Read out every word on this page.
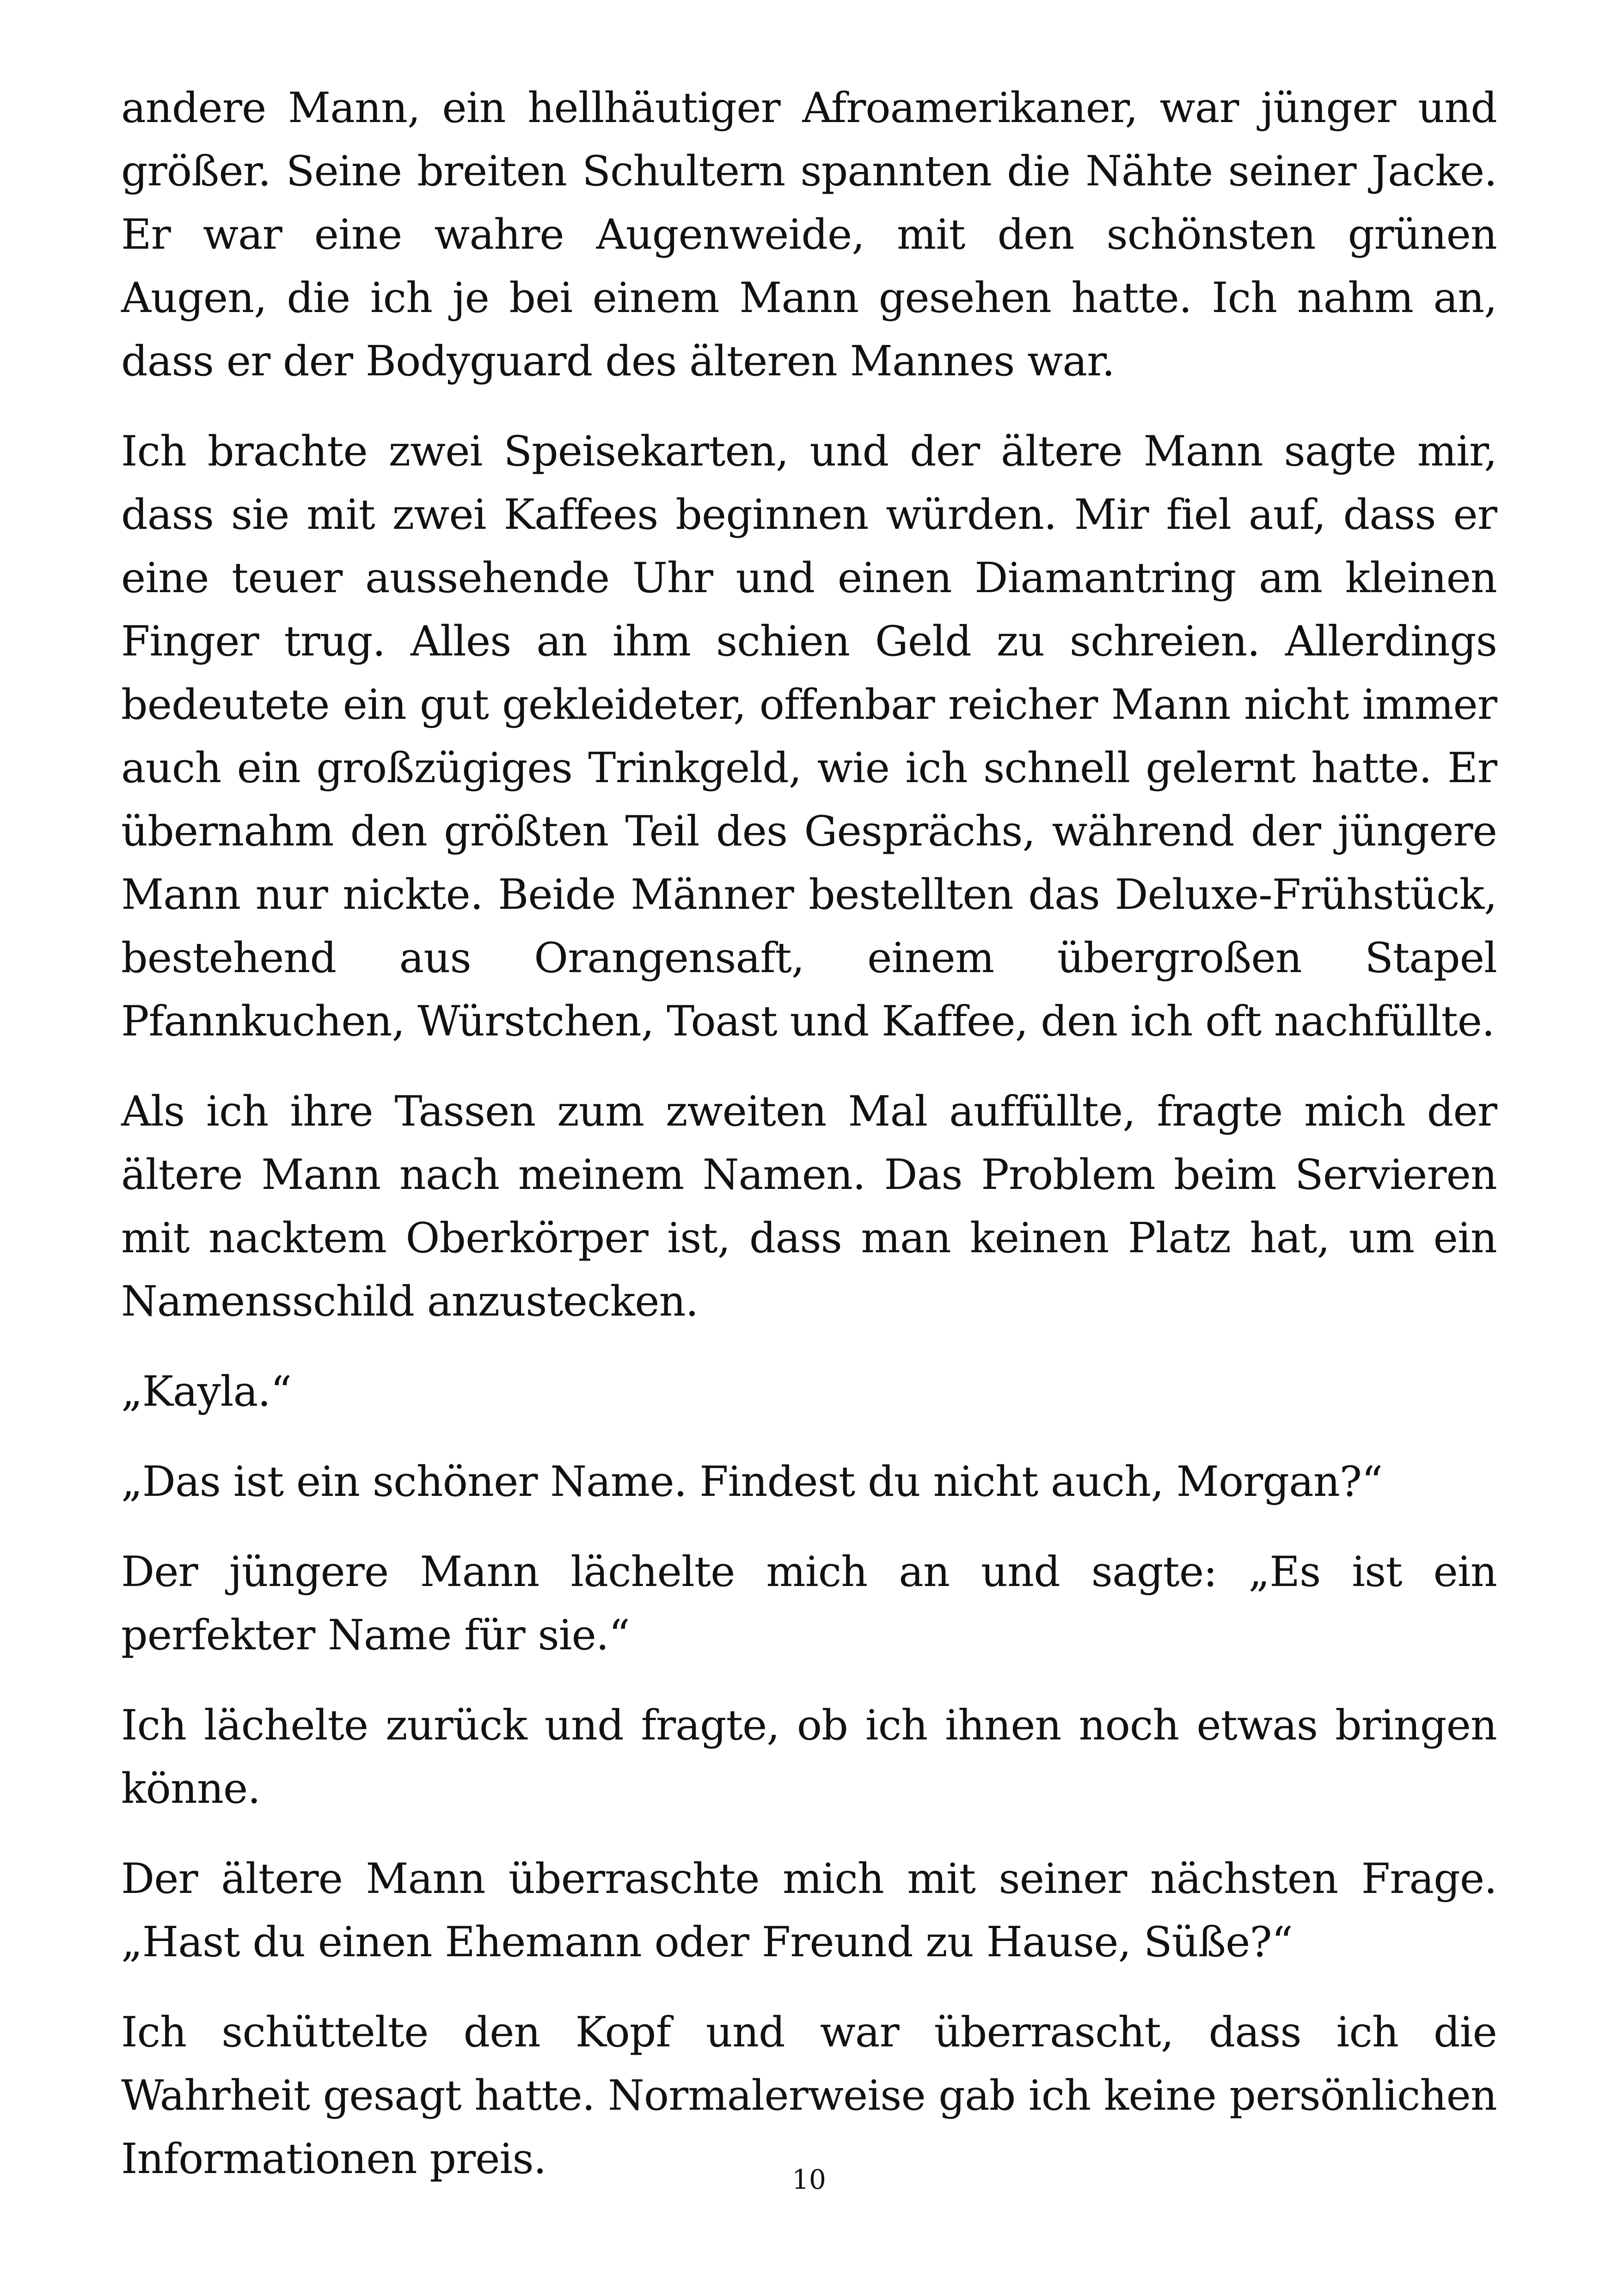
andere Mann, ein hellhäutiger Afroamerikaner, war jünger und größer. Seine breiten Schultern spannten die Nähte seiner Jacke. Er war eine wahre Augenweide, mit den schönsten grünen Augen, die ich je bei einem Mann gesehen hatte. Ich nahm an, dass er der Bodyguard des älteren Mannes war.

Ich brachte zwei Speisekarten, und der ältere Mann sagte mir, dass sie mit zwei Kaffees beginnen würden. Mir fiel auf, dass er eine teuer aussehende Uhr und einen Diamantring am kleinen Finger trug. Alles an ihm schien Geld zu schreien. Allerdings bedeutete ein gut gekleideter, offenbar reicher Mann nicht immer auch ein großzügiges Trinkgeld, wie ich schnell gelernt hatte. Er übernahm den größten Teil des Gesprächs, während der jüngere Mann nur nickte. Beide Männer bestellten das Deluxe-Frühstück, bestehend aus Orangensaft, einem übergroßen Stapel Pfannkuchen, Würstchen, Toast und Kaffee, den ich oft nachfüllte.

Als ich ihre Tassen zum zweiten Mal auffüllte, fragte mich der ältere Mann nach meinem Namen. Das Problem beim Servieren mit nacktem Oberkörper ist, dass man keinen Platz hat, um ein Namensschild anzustecken.

„Kayla.“

„Das ist ein schöner Name. Findest du nicht auch, Morgan?“

Der jüngere Mann lächelte mich an und sagte: „Es ist ein perfekter Name für sie.“

Ich lächelte zurück und fragte, ob ich ihnen noch etwas bringen könne.

Der ältere Mann überraschte mich mit seiner nächsten Frage. „Hast du einen Ehemann oder Freund zu Hause, Süße?“

Ich schüttelte den Kopf und war überrascht, dass ich die Wahrheit gesagt hatte. Normalerweise gab ich keine persönlichen Informationen preis.	10
